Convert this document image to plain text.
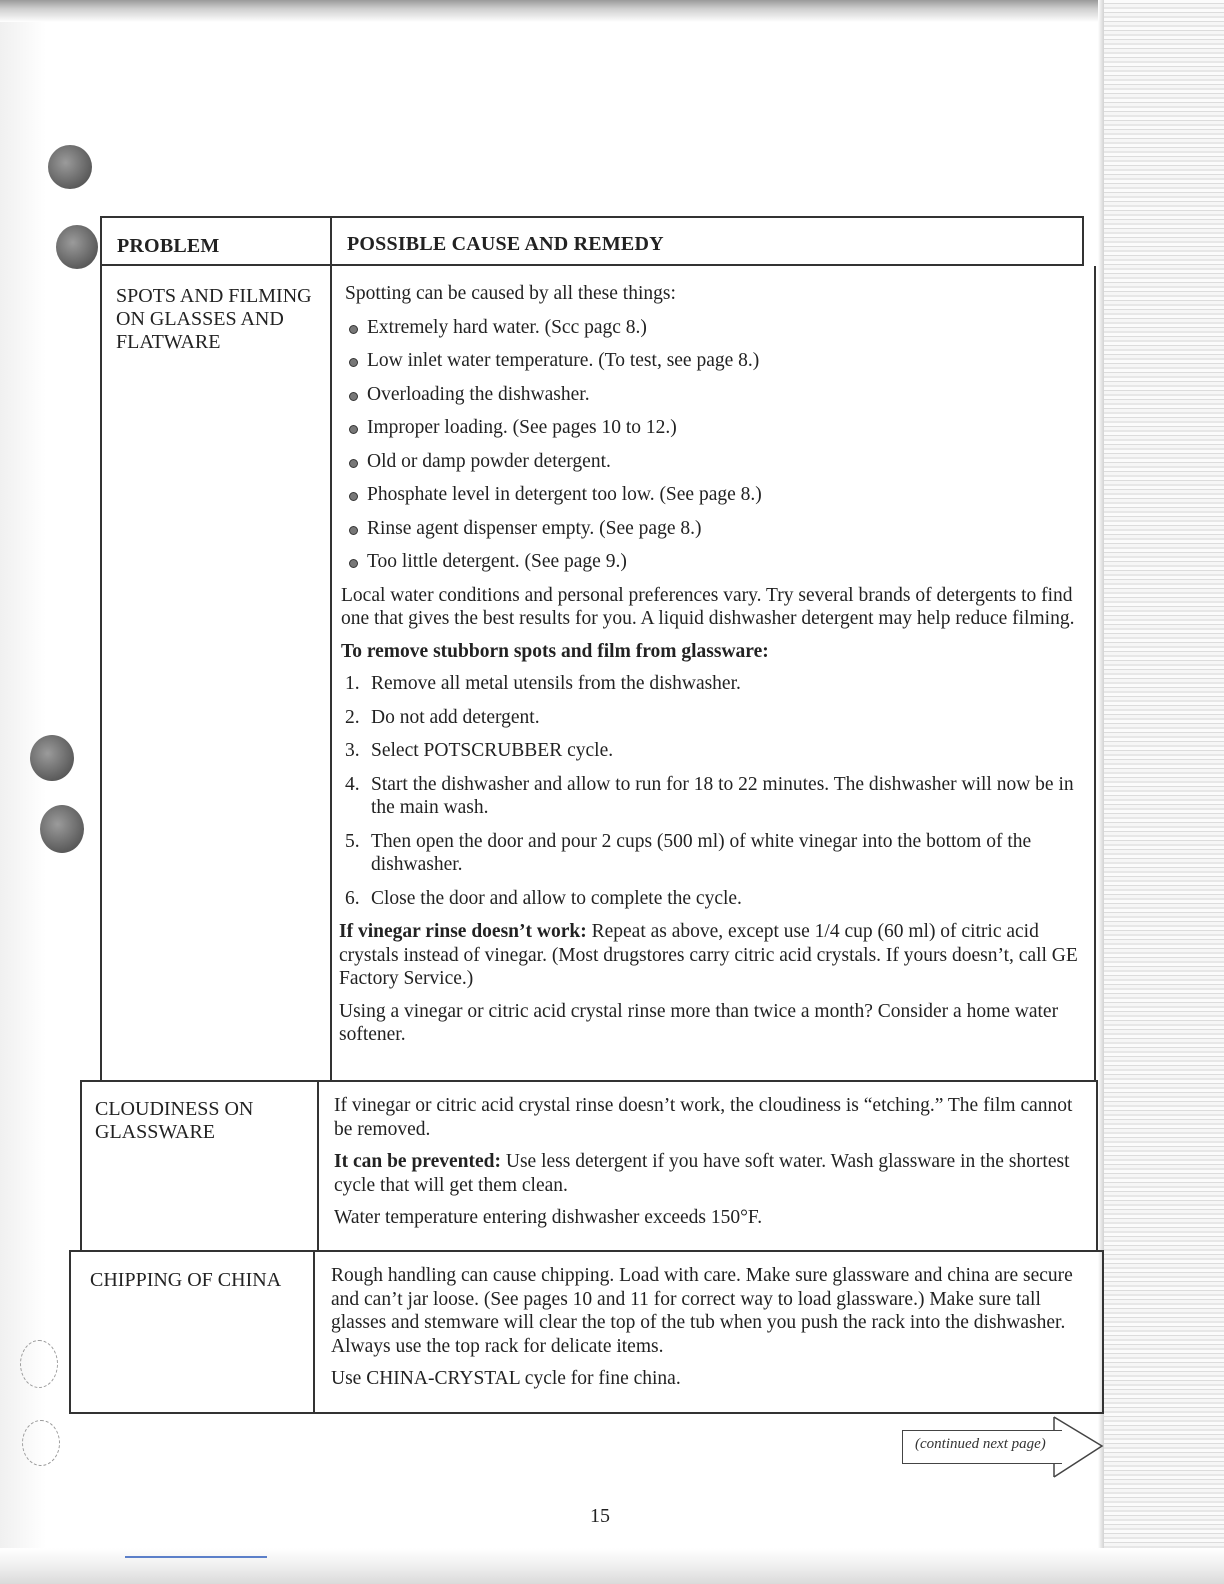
PROBLEM	POSSIBLE CAUSE AND REMEDY
SPOTS AND FILMING ON GLASSES AND FLATWARE

Spotting can be caused by all these things:

Extremely hard water. (Scc pagc 8.)
Low inlet water temperature. (To test, see page 8.)
Overloading the dishwasher.
Improper loading. (See pages 10 to 12.)
Old or damp powder detergent.
Phosphate level in detergent too low. (See page 8.)
Rinse agent dispenser empty. (See page 8.)
Too little detergent. (See page 9.)

Local water conditions and personal preferences vary. Try several brands of detergents to find one that gives the best results for you. A liquid dishwasher detergent may help reduce filming.

To remove stubborn spots and film from glassware:

1. Remove all metal utensils from the dishwasher.
2. Do not add detergent.
3. Select POTSCRUBBER cycle.
4. Start the dishwasher and allow to run for 18 to 22 minutes. The dishwasher will now be in the main wash.
5. Then open the door and pour 2 cups (500 ml) of white vinegar into the bottom of the dishwasher.
6. Close the door and allow to complete the cycle.

If vinegar rinse doesn’t work: Repeat as above, except use 1/4 cup (60 ml) of citric acid crystals instead of vinegar. (Most drugstores carry citric acid crystals. If yours doesn’t, call GE Factory Service.)

Using a vinegar or citric acid crystal rinse more than twice a month? Consider a home water softener.

CLOUDINESS ON GLASSWARE

If vinegar or citric acid crystal rinse doesn’t work, the cloudiness is “etching.” The film cannot be removed.

It can be prevented: Use less detergent if you have soft water. Wash glassware in the shortest cycle that will get them clean.

Water temperature entering dishwasher exceeds 150°F.

CHIPPING OF CHINA	Rough handling can cause chipping. Load with care. Make sure glassware and china are secure and can’t jar loose. (See pages 10 and 11 for correct way to load glassware.) Make sure tall glasses and stemware will clear the top of the tub when you push the rack into the dishwasher. Always use the top rack for delicate items.

Use CHINA-CRYSTAL cycle for fine china.

(continued next page)
15
